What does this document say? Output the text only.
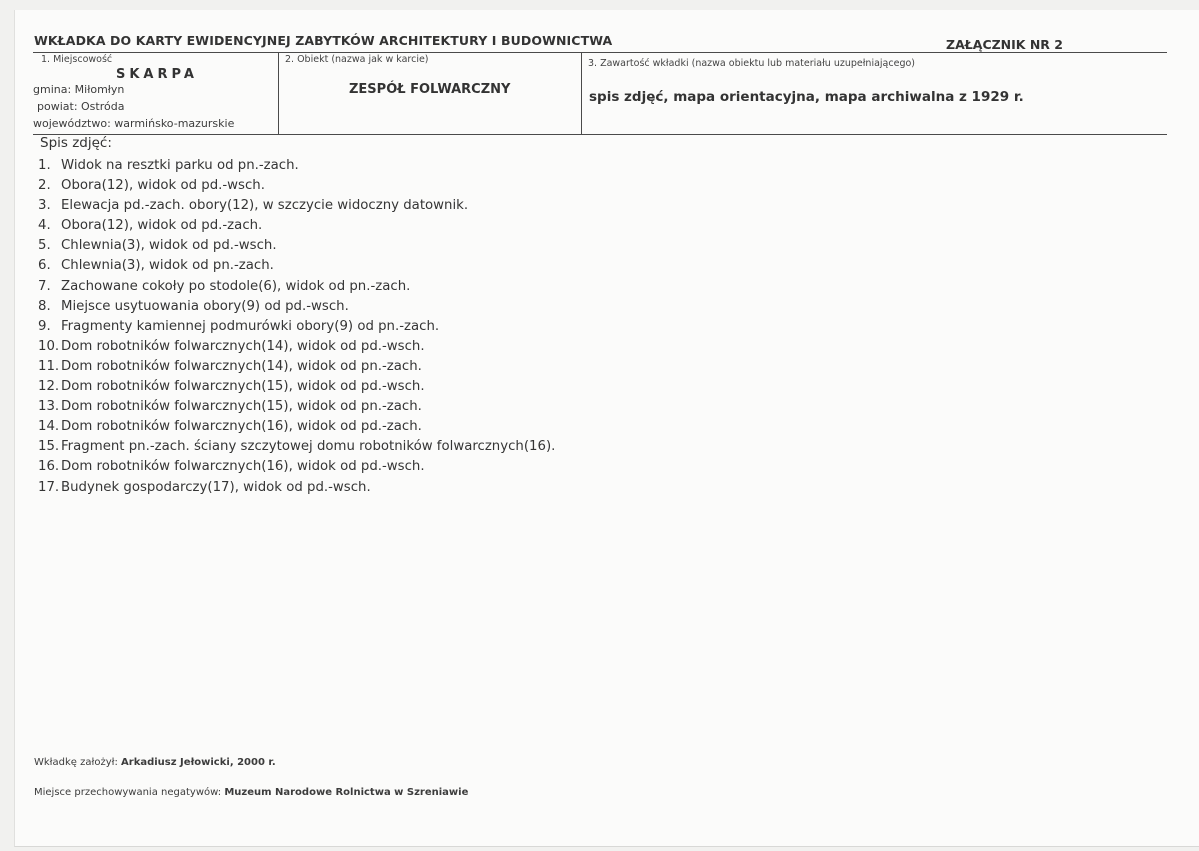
WKŁADKA DO KARTY EWIDENCYJNEJ ZABYTKÓW ARCHITEKTURY I BUDOWNICTWA	ZAŁĄCZNIK NR 2
1. Miejscowość
SKARPA
gmina: Miłomłyn
powiat: Ostróda
województwo: warmińsko-mazurskie
2. Obiekt (nazwa jak w karcie)
ZESPÓŁ FOLWARCZNY
3. Zawartość wkładki (nazwa obiektu lub materiału uzupełniającego)
spis zdjęć, mapa orientacyjna, mapa archiwalna z 1929 r.
Spis zdjęć:
1. Widok na resztki parku od pn.-zach.
2. Obora(12), widok od pd.-wsch.
3. Elewacja pd.-zach. obory(12), w szczycie widoczny datownik.
4. Obora(12), widok od pd.-zach.
5. Chlewnia(3), widok od pd.-wsch.
6. Chlewnia(3), widok od pn.-zach.
7. Zachowane cokoły po stodole(6), widok od pn.-zach.
8. Miejsce usytuowania obory(9) od pd.-wsch.
9. Fragmenty kamiennej podmurówki obory(9) od pn.-zach.
10. Dom robotników folwarcznych(14), widok od pd.-wsch.
11. Dom robotników folwarcznych(14), widok od pn.-zach.
12. Dom robotników folwarcznych(15), widok od pd.-wsch.
13. Dom robotników folwarcznych(15), widok od pn.-zach.
14. Dom robotników folwarcznych(16), widok od pd.-zach.
15. Fragment pn.-zach. ściany szczytowej domu robotników folwarcznych(16).
16. Dom robotników folwarcznych(16), widok od pd.-wsch.
17. Budynek gospodarczy(17), widok od pd.-wsch.
Wkładkę założył: Arkadiusz Jełowicki, 2000 r.
Miejsce przechowywania negatywów: Muzeum Narodowe Rolnictwa w Szreniawie
